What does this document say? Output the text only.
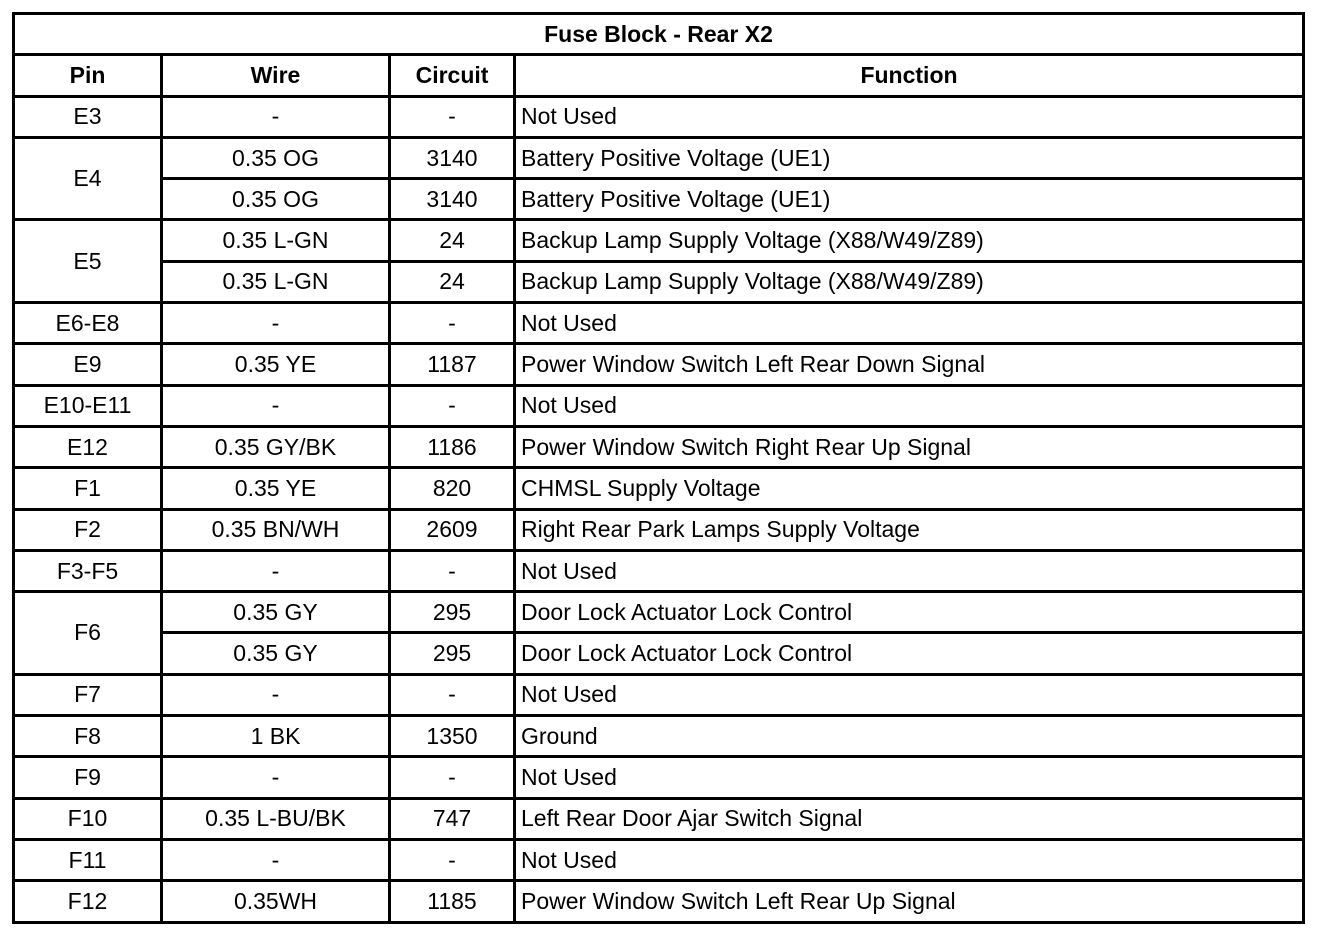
Fuse Block - Rear X2			
Pin	Wire	Circuit	Function
E3	-	-	Not Used
E4	0.35 OG	3140	Battery Positive Voltage (UE1)
	0.35 OG	3140	Battery Positive Voltage (UE1)
E5	0.35 L-GN	24	Backup Lamp Supply Voltage (X88/W49/Z89)
	0.35 L-GN	24	Backup Lamp Supply Voltage (X88/W49/Z89)
E6-E8	-	-	Not Used
E9	0.35 YE	1187	Power Window Switch Left Rear Down Signal
E10-E11	-	-	Not Used
E12	0.35 GY/BK	1186	Power Window Switch Right Rear Up Signal
F1	0.35 YE	820	CHMSL Supply Voltage
F2	0.35 BN/WH	2609	Right Rear Park Lamps Supply Voltage
F3-F5	-	-	Not Used
F6	0.35 GY	295	Door Lock Actuator Lock Control
	0.35 GY	295	Door Lock Actuator Lock Control
F7	-	-	Not Used
F8	1 BK	1350	Ground
F9	-	-	Not Used
F10	0.35 L-BU/BK	747	Left Rear Door Ajar Switch Signal
F11	-	-	Not Used
F12	0.35WH	1185	Power Window Switch Left Rear Up Signal
